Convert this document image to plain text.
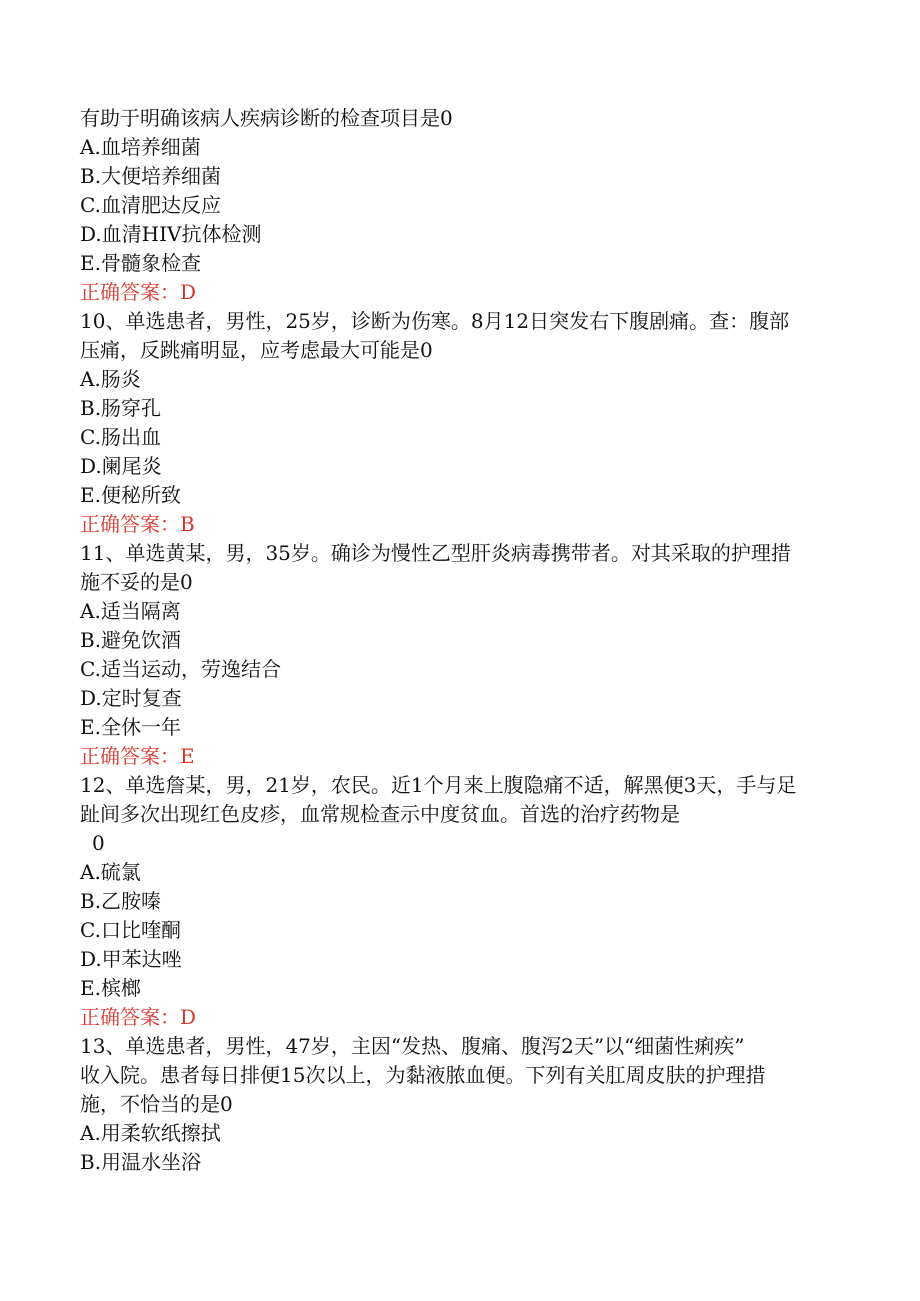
有助于明确该病人疾病诊断的检查项目是0
A.血培养细菌
B.大便培养细菌
C.血清肥达反应
D.血清HIV抗体检测
E.骨髓象检查
正确答案：D
10、单选患者，男性，25岁，诊断为伤寒。8月12日突发右下腹剧痛。查：腹部
压痛，反跳痛明显，应考虑最大可能是0
A.肠炎
B.肠穿孔
C.肠出血
D.阑尾炎
E.便秘所致
正确答案：B
11、单选黄某，男，35岁。确诊为慢性乙型肝炎病毒携带者。对其采取的护理措
施不妥的是0
A.适当隔离
B.避免饮酒
C.适当运动，劳逸结合
D.定时复查
E.全休一年
正确答案：E
12、单选詹某，男，21岁，农民。近1个月来上腹隐痛不适，解黑便3天，手与足
趾间多次出现红色皮疹，血常规检查示中度贫血。首选的治疗药物是
0
A.硫氯
B.乙胺嗪
C.口比喹酮
D.甲苯达唑
E.槟榔
正确答案：D
13、单选患者，男性，47岁，主因“发热、腹痛、腹泻2天”以“细菌性痢疾”
收入院。患者每日排便15次以上，为黏液脓血便。下列有关肛周皮肤的护理措
施，不恰当的是0
A.用柔软纸擦拭
B.用温水坐浴
